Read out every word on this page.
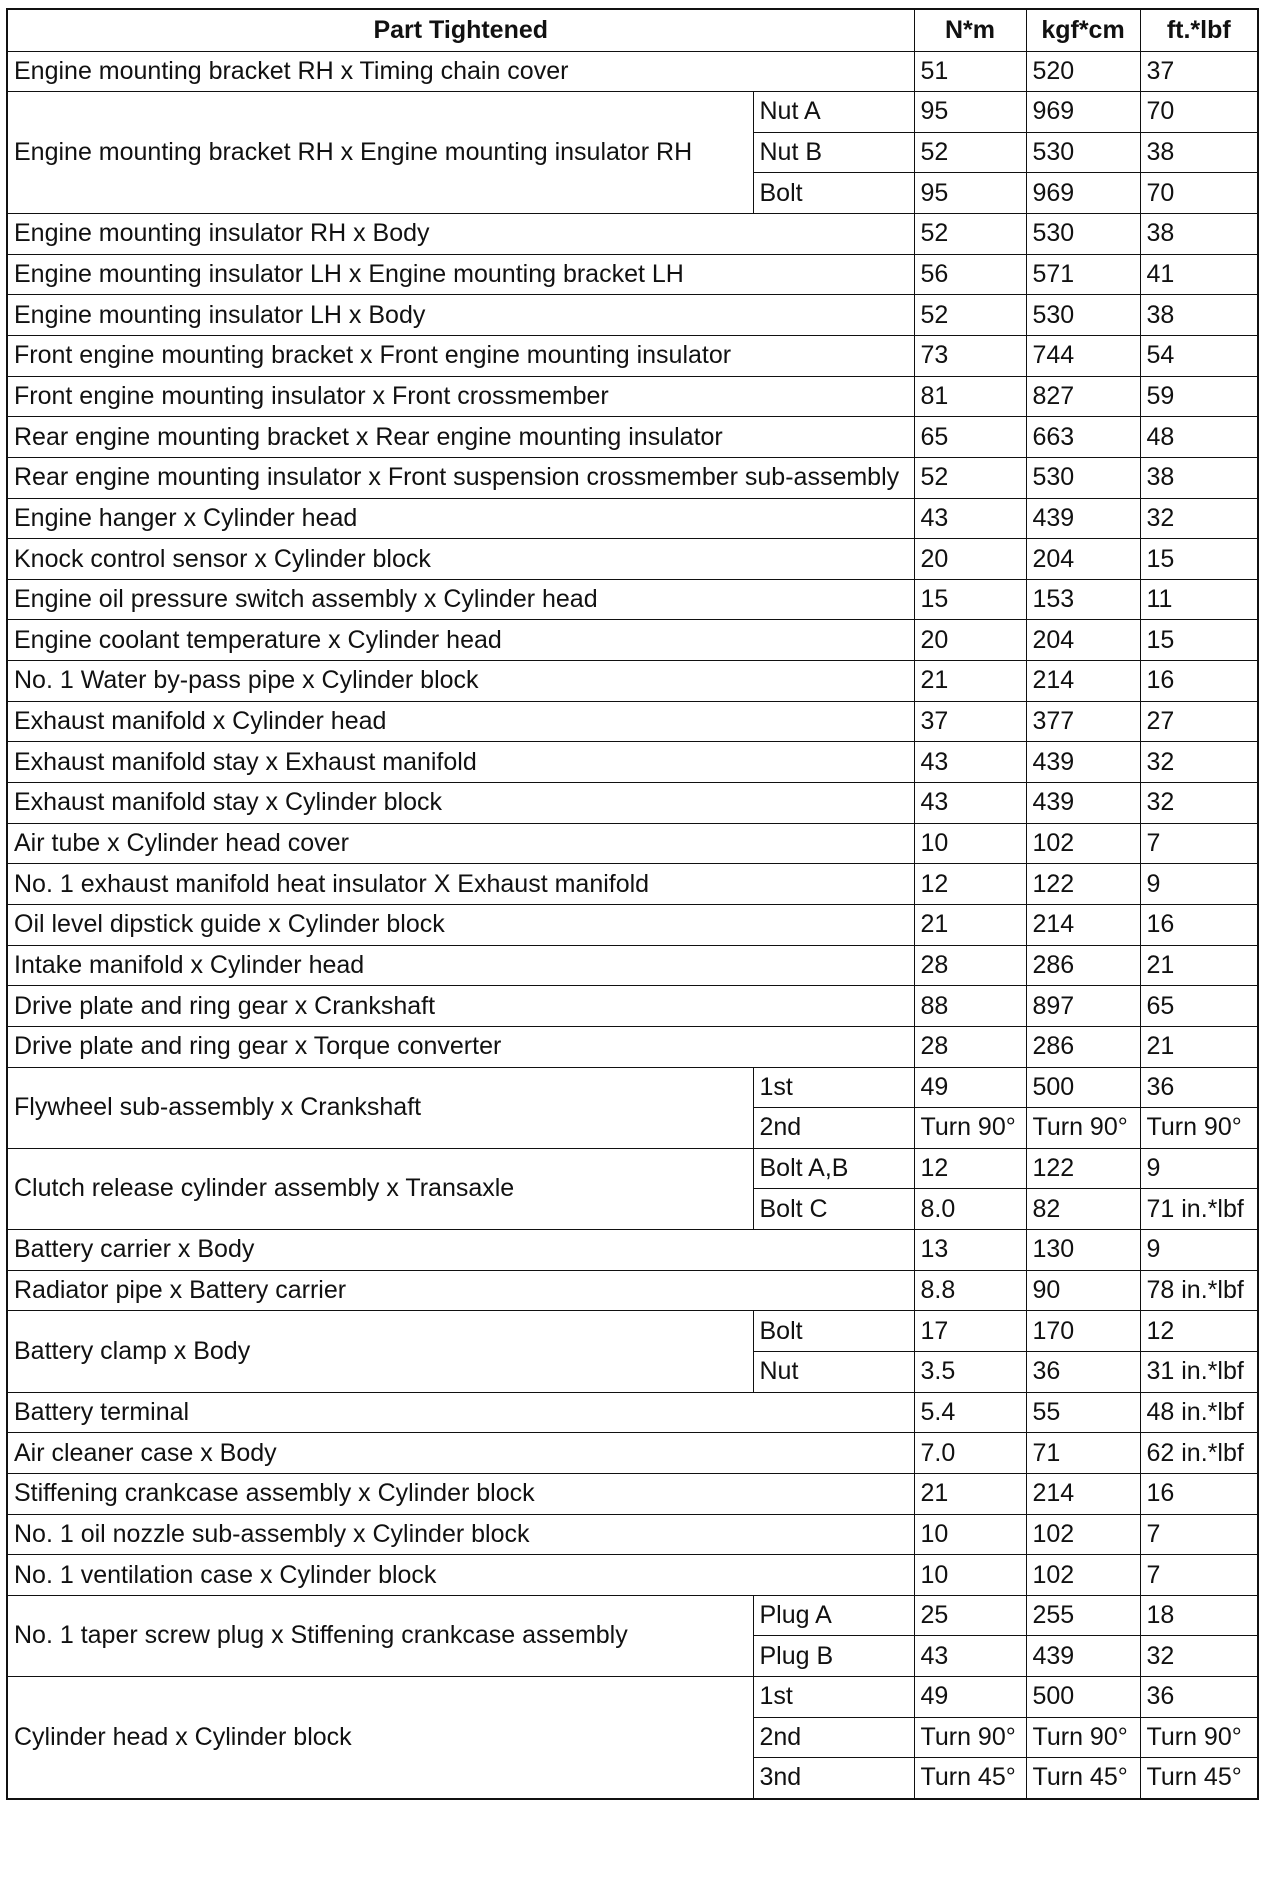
Part Tightened		N*m	kgf*cm	ft.*lbf
Engine mounting bracket RH x Timing chain cover		51	520	37
Engine mounting bracket RH x Engine mounting insulator RH	Nut A	95	969	70
	Nut B	52	530	38
	Bolt	95	969	70
Engine mounting insulator RH x Body		52	530	38
Engine mounting insulator LH x Engine mounting bracket LH		56	571	41
Engine mounting insulator LH x Body		52	530	38
Front engine mounting bracket x Front engine mounting insulator		73	744	54
Front engine mounting insulator x Front crossmember		81	827	59
Rear engine mounting bracket x Rear engine mounting insulator		65	663	48
Rear engine mounting insulator x Front suspension crossmember sub-assembly		52	530	38
Engine hanger x Cylinder head		43	439	32
Knock control sensor x Cylinder block		20	204	15
Engine oil pressure switch assembly x Cylinder head		15	153	11
Engine coolant temperature x Cylinder head		20	204	15
No. 1 Water by-pass pipe x Cylinder block		21	214	16
Exhaust manifold x Cylinder head		37	377	27
Exhaust manifold stay x Exhaust manifold		43	439	32
Exhaust manifold stay x Cylinder block		43	439	32
Air tube x Cylinder head cover		10	102	7
No. 1 exhaust manifold heat insulator X Exhaust manifold		12	122	9
Oil level dipstick guide x Cylinder block		21	214	16
Intake manifold x Cylinder head		28	286	21
Drive plate and ring gear x Crankshaft		88	897	65
Drive plate and ring gear x Torque converter		28	286	21
Flywheel sub-assembly x Crankshaft	1st	49	500	36
	2nd	Turn 90°	Turn 90°	Turn 90°
Clutch release cylinder assembly x Transaxle	Bolt A,B	12	122	9
	Bolt C	8.0	82	71 in.*lbf
Battery carrier x Body		13	130	9
Radiator pipe x Battery carrier		8.8	90	78 in.*lbf
Battery clamp x Body	Bolt	17	170	12
	Nut	3.5	36	31 in.*lbf
Battery terminal		5.4	55	48 in.*lbf
Air cleaner case x Body		7.0	71	62 in.*lbf
Stiffening crankcase assembly x Cylinder block		21	214	16
No. 1 oil nozzle sub-assembly x Cylinder block		10	102	7
No. 1 ventilation case x Cylinder block		10	102	7
No. 1 taper screw plug x Stiffening crankcase assembly	Plug A	25	255	18
	Plug B	43	439	32
Cylinder head x Cylinder block	1st	49	500	36
	2nd	Turn 90°	Turn 90°	Turn 90°
	3nd	Turn 45°	Turn 45°	Turn 45°
